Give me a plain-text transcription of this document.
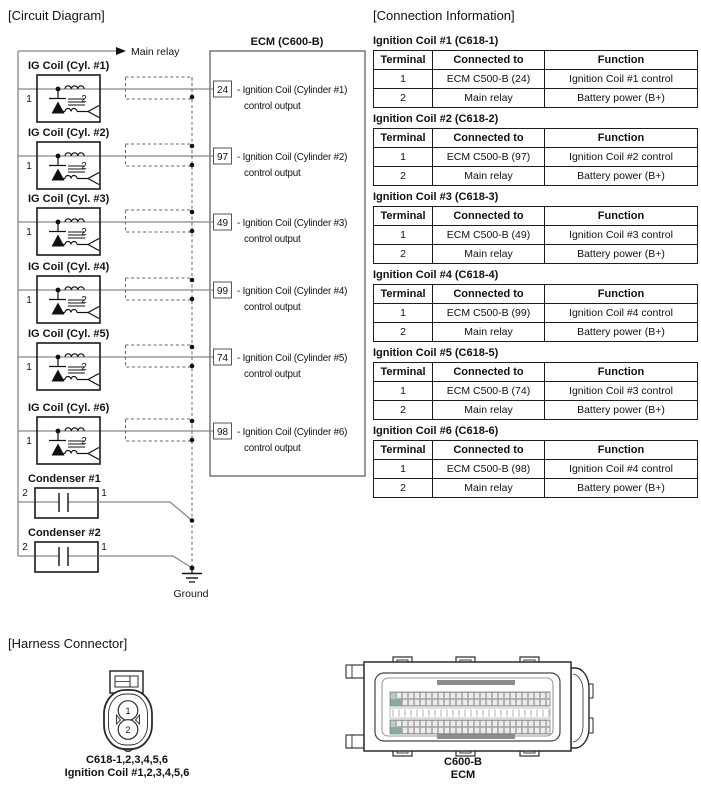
[Circuit Diagram]
[Harness Connector]
Main relay
ECM (C600-B)
IG Coil (Cyl. #1)
1	2
24 - Ignition Coil (Cylinder #1)
control output
IG Coil (Cyl. #2)
1	2
97 - Ignition Coil (Cylinder #2)
control output
IG Coil (Cyl. #3)
1	2
49 - Ignition Coil (Cylinder #3)
control output
IG Coil (Cyl. #4)
1	2
99 - Ignition Coil (Cylinder #4)
control output
IG Coil (Cyl. #5)
1	2
74 - Ignition Coil (Cylinder #5)
control output
IG Coil (Cyl. #6)
1	2
98 - Ignition Coil (Cylinder #6)
control output
Condenser #1
2	1
Condenser #2
2	1
Ground
[Connection Information]
Ignition Coil #1 (C618-1)
Terminal	Connected to	Function
1	ECM C500-B (24)	Ignition Coil #1 control
2	Main relay	Battery power (B+)
Ignition Coil #2 (C618-2)
Terminal	Connected to	Function
1	ECM C500-B (97)	Ignition Coil #2 control
2	Main relay	Battery power (B+)
Ignition Coil #3 (C618-3)
Terminal	Connected to	Function
1	ECM C500-B (49)	Ignition Coil #3 control
2	Main relay	Battery power (B+)
Ignition Coil #4 (C618-4)
Terminal	Connected to	Function
1	ECM C500-B (99)	Ignition Coil #4 control
2	Main relay	Battery power (B+)
Ignition Coil #5 (C618-5)
Terminal	Connected to	Function
1	ECM C500-B (74)	Ignition Coil #3 control
2	Main relay	Battery power (B+)
Ignition Coil #6 (C618-6)
Terminal	Connected to	Function
1	ECM C500-B (98)	Ignition Coil #4 control
2	Main relay	Battery power (B+)
1
2
C618-1,2,3,4,5,6
Ignition Coil #1,2,3,4,5,6
C600-B
ECM
